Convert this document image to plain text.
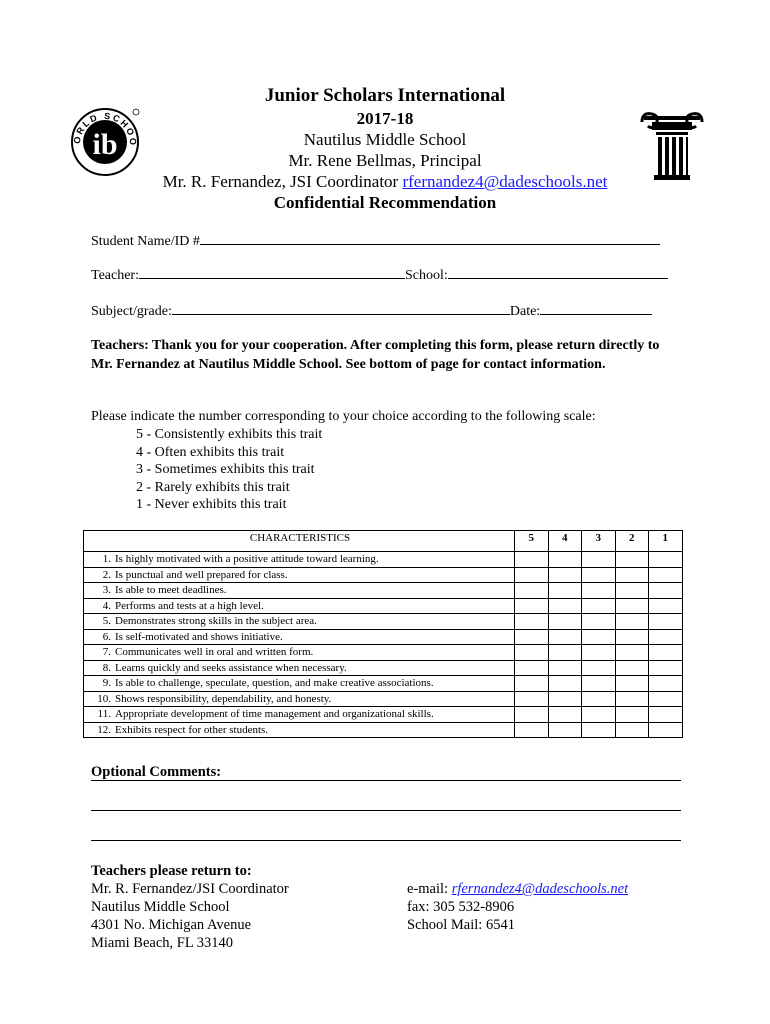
ORLD SCHOO
ib
Junior Scholars International
2017-18
Nautilus Middle School
Mr. Rene Bellmas, Principal
Mr. R. Fernandez, JSI Coordinator rfernandez4@dadeschools.net
Confidential Recommendation
Student Name/ID #
Teacher:	School:
Subject/grade:	Date:
Teachers: Thank you for your cooperation. After completing this form, please return directly to Mr. Fernandez at Nautilus Middle School. See bottom of page for contact information.
Please indicate the number corresponding to your choice according to the following scale:
5 - Consistently exhibits this trait
4 - Often exhibits this trait
3 - Sometimes exhibits this trait
2 - Rarely exhibits this trait
1 - Never exhibits this trait
CHARACTERISTICS	5	4	3	2	1
1. Is highly motivated with a positive attitude toward learning.					
2. Is punctual and well prepared for class.					
3. Is able to meet deadlines.					
4. Performs and tests at a high level.					
5. Demonstrates strong skills in the subject area.					
6. Is self-motivated and shows initiative.					
7. Communicates well in oral and written form.					
8. Learns quickly and seeks assistance when necessary.					
9. Is able to challenge, speculate, question, and make creative associations.					
10. Shows responsibility, dependability, and honesty.					
11. Appropriate development of time management and organizational skills.					
12. Exhibits respect for other students.					
Optional Comments:
Teachers please return to:
Mr. R. Fernandez/JSI Coordinator
Nautilus Middle School
4301 No. Michigan Avenue
Miami Beach, FL 33140
e-mail: rfernandez4@dadeschools.net
fax: 305 532-8906
School Mail: 6541
